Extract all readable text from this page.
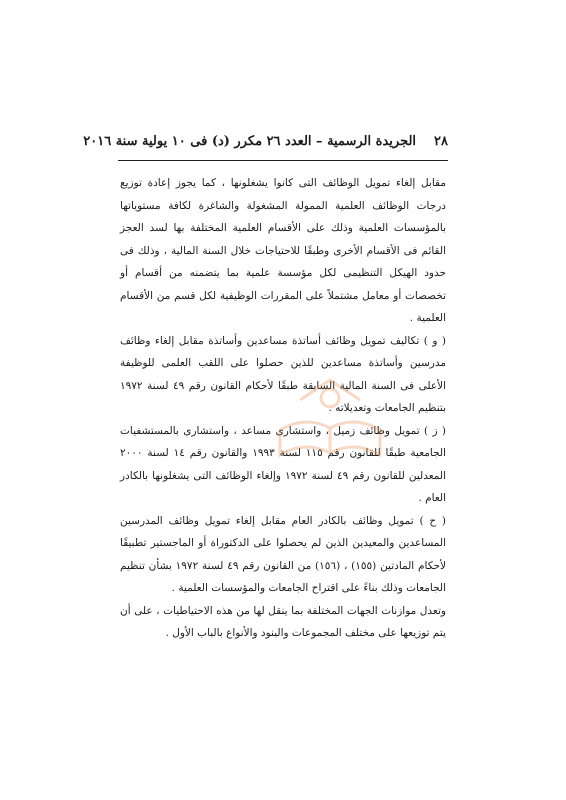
٢٨
الجريدة الرسمية – العدد ٢٦ مكرر (د) فى ١٠ يولية سنة ٢٠١٦

مقابل إلغاء تمويل الوظائف التى كانوا يشغلونها ، كما يجوز إعادة توزيع درجات الوظائف العلمية الممولة المشغولة والشاغرة لكافة مستوياتها بالمؤسسات العلمية وذلك على الأقسام العلمية المختلفة بها لسد العجز القائم فى الأقسام الأخرى وطبقًا للاحتياجات خلال السنة المالية ، وذلك فى حدود الهيكل التنظيمى لكل مؤسسة علمية بما يتضمنه من أقسام أو تخصصات أو معامل مشتملاً على المقررات الوظيفية لكل قسم من الأقسام العلمية .

( و ) تكاليف تمويل وظائف أساتذة مساعدين وأساتذة مقابل إلغاء وظائف مدرسين وأساتذة مساعدين للذين حصلوا على اللقب العلمى للوظيفة الأعلى فى السنة المالية السابقة طبقًا لأحكام القانون رقم ٤٩ لسنة ١٩٧٢ بتنظيم الجامعات وتعديلاته .

( ز ) تمويل وظائف زميل ، واستشارى مساعد ، واستشارى بالمستشفيات الجامعية طبقًا للقانون رقم ١١٥ لسنة ١٩٩٣ والقانون رقم ١٤ لسنة ٢٠٠٠ المعدلين للقانون رقم ٤٩ لسنة ١٩٧٢ وإلغاء الوظائف التى يشغلونها بالكادر العام .

( ح ) تمويل وظائف بالكادر العام مقابل إلغاء تمويل وظائف المدرسين المساعدين والمعيدين الذين لم يحصلوا على الدكتوراة أو الماجستير تطبيقًا لأحكام المادتين (١٥٥) ، (١٥٦) من القانون رقم ٤٩ لسنة ١٩٧٢ بشأن تنظيم الجامعات وذلك بناءً على اقتراح الجامعات والمؤسسات العلمية .

وتعدل موازنات الجهات المختلفة بما ينقل لها من هذه الاحتياطيات ، على أن يتم توزيعها على مختلف المجموعات والبنود والأنواع بالباب الأول .
